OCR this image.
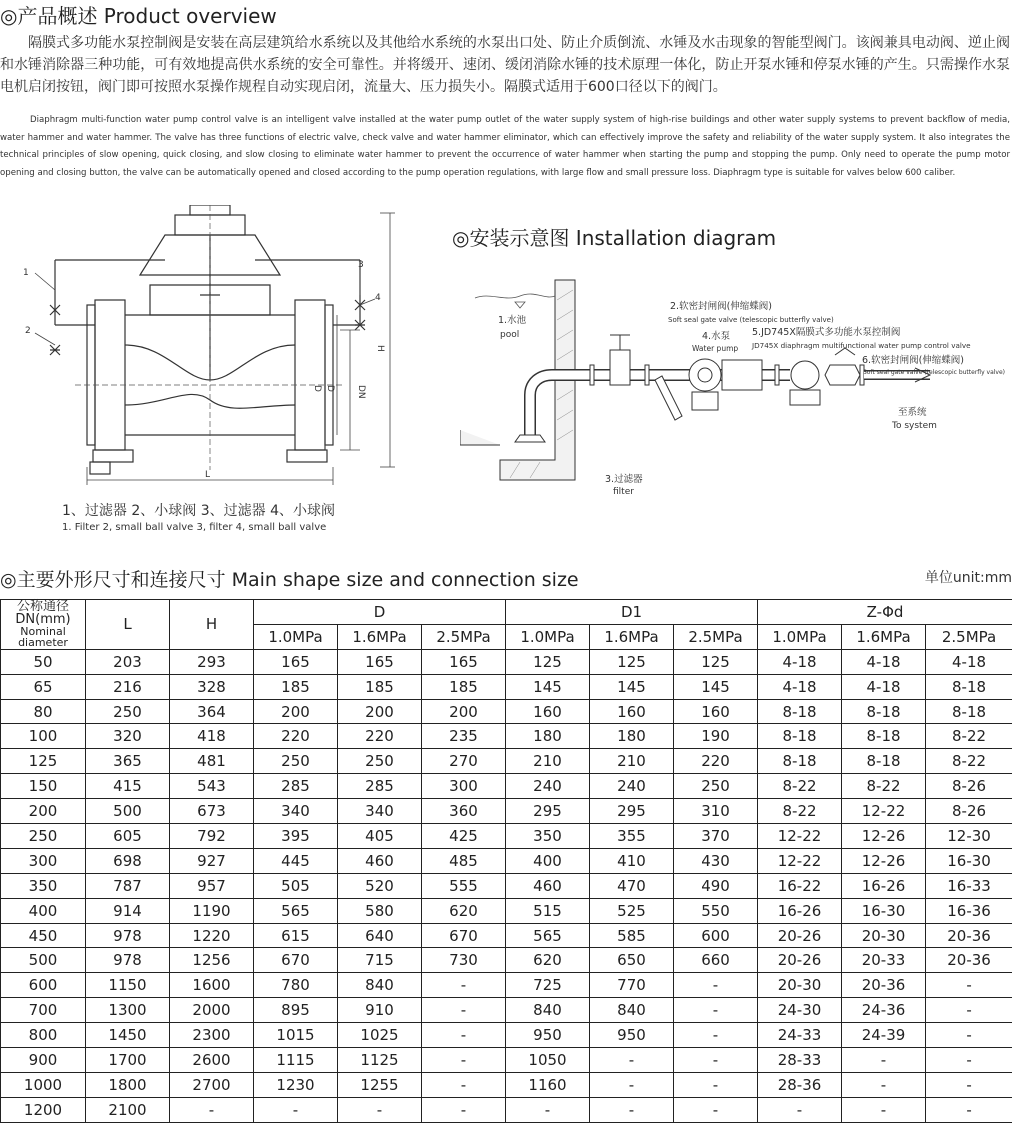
◎产品概述 Product overview
隔膜式多功能水泵控制阀是安装在高层建筑给水系统以及其他给水系统的水泵出口处、防止介质倒流、水锤及水击现象的智能型阀门。该阀兼具电动阀、逆止阀和水锤消除器三种功能，可有效地提高供水系统的安全可靠性。并将缓开、速闭、缓闭消除水锤的技术原理一体化，防止开泵水锤和停泵水锤的产生。只需操作水泵电机启闭按钮，阀门即可按照水泵操作规程自动实现启闭，流量大、压力损失小。隔膜式适用于600口径以下的阀门。
Diaphragm multi-function water pump control valve is an intelligent valve installed at the water pump outlet of the water supply system of high-rise buildings and other water supply systems to prevent backflow of media, water hammer and water hammer. The valve has three functions of electric valve, check valve and water hammer eliminator, which can effectively improve the safety and reliability of the water supply system. It also integrates the technical principles of slow opening, quick closing, and slow closing to eliminate water hammer to prevent the occurrence of water hammer when starting the pump and stopping the pump. Only need to operate the pump motor opening and closing button, the valve can be automatically opened and closed according to the pump operation regulations, with large flow and small pressure loss. Diaphragm type is suitable for valves below 600 caliber.
1
2
3
4
L
H
DN
D D
1、过滤器 2、小球阀 3、过滤器 4、小球阀
1. Filter 2, small ball valve 3, filter 4, small ball valve
◎安装示意图 Installation diagram
1.水池
pool
2.软密封闸阀(伸缩蝶阀)
Soft seal gate valve (telescopic butterfly valve)
4.水泵
Water pump
5.JD745X隔膜式多功能水泵控制阀
JD745X diaphragm multifunctional water pump control valve
6.软密封闸阀(伸缩蝶阀)
Soft seal gate valve (telescopic butterfly valve)
至系统
To system
3.过滤器
filter
◎主要外形尺寸和连接尺寸 Main shape size and connection size	单位unit:mm
公称通径
DN(mm)
Nominal
diameter	L	H	D			D1			Z-Φd		
			1.0MPa	1.6MPa	2.5MPa	1.0MPa	1.6MPa	2.5MPa	1.0MPa	1.6MPa	2.5MPa
50	203	293	165	165	165	125	125	125	4-18	4-18	4-18
65	216	328	185	185	185	145	145	145	4-18	4-18	8-18
80	250	364	200	200	200	160	160	160	8-18	8-18	8-18
100	320	418	220	220	235	180	180	190	8-18	8-18	8-22
125	365	481	250	250	270	210	210	220	8-18	8-18	8-22
150	415	543	285	285	300	240	240	250	8-22	8-22	8-26
200	500	673	340	340	360	295	295	310	8-22	12-22	8-26
250	605	792	395	405	425	350	355	370	12-22	12-26	12-30
300	698	927	445	460	485	400	410	430	12-22	12-26	16-30
350	787	957	505	520	555	460	470	490	16-22	16-26	16-33
400	914	1190	565	580	620	515	525	550	16-26	16-30	16-36
450	978	1220	615	640	670	565	585	600	20-26	20-30	20-36
500	978	1256	670	715	730	620	650	660	20-26	20-33	20-36
600	1150	1600	780	840	-	725	770	-	20-30	20-36	-
700	1300	2000	895	910	-	840	840	-	24-30	24-36	-
800	1450	2300	1015	1025	-	950	950	-	24-33	24-39	-
900	1700	2600	1115	1125	-	1050	-	-	28-33	-	-
1000	1800	2700	1230	1255	-	1160	-	-	28-36	-	-
1200	2100	-	-	-	-	-	-	-	-	-	-
